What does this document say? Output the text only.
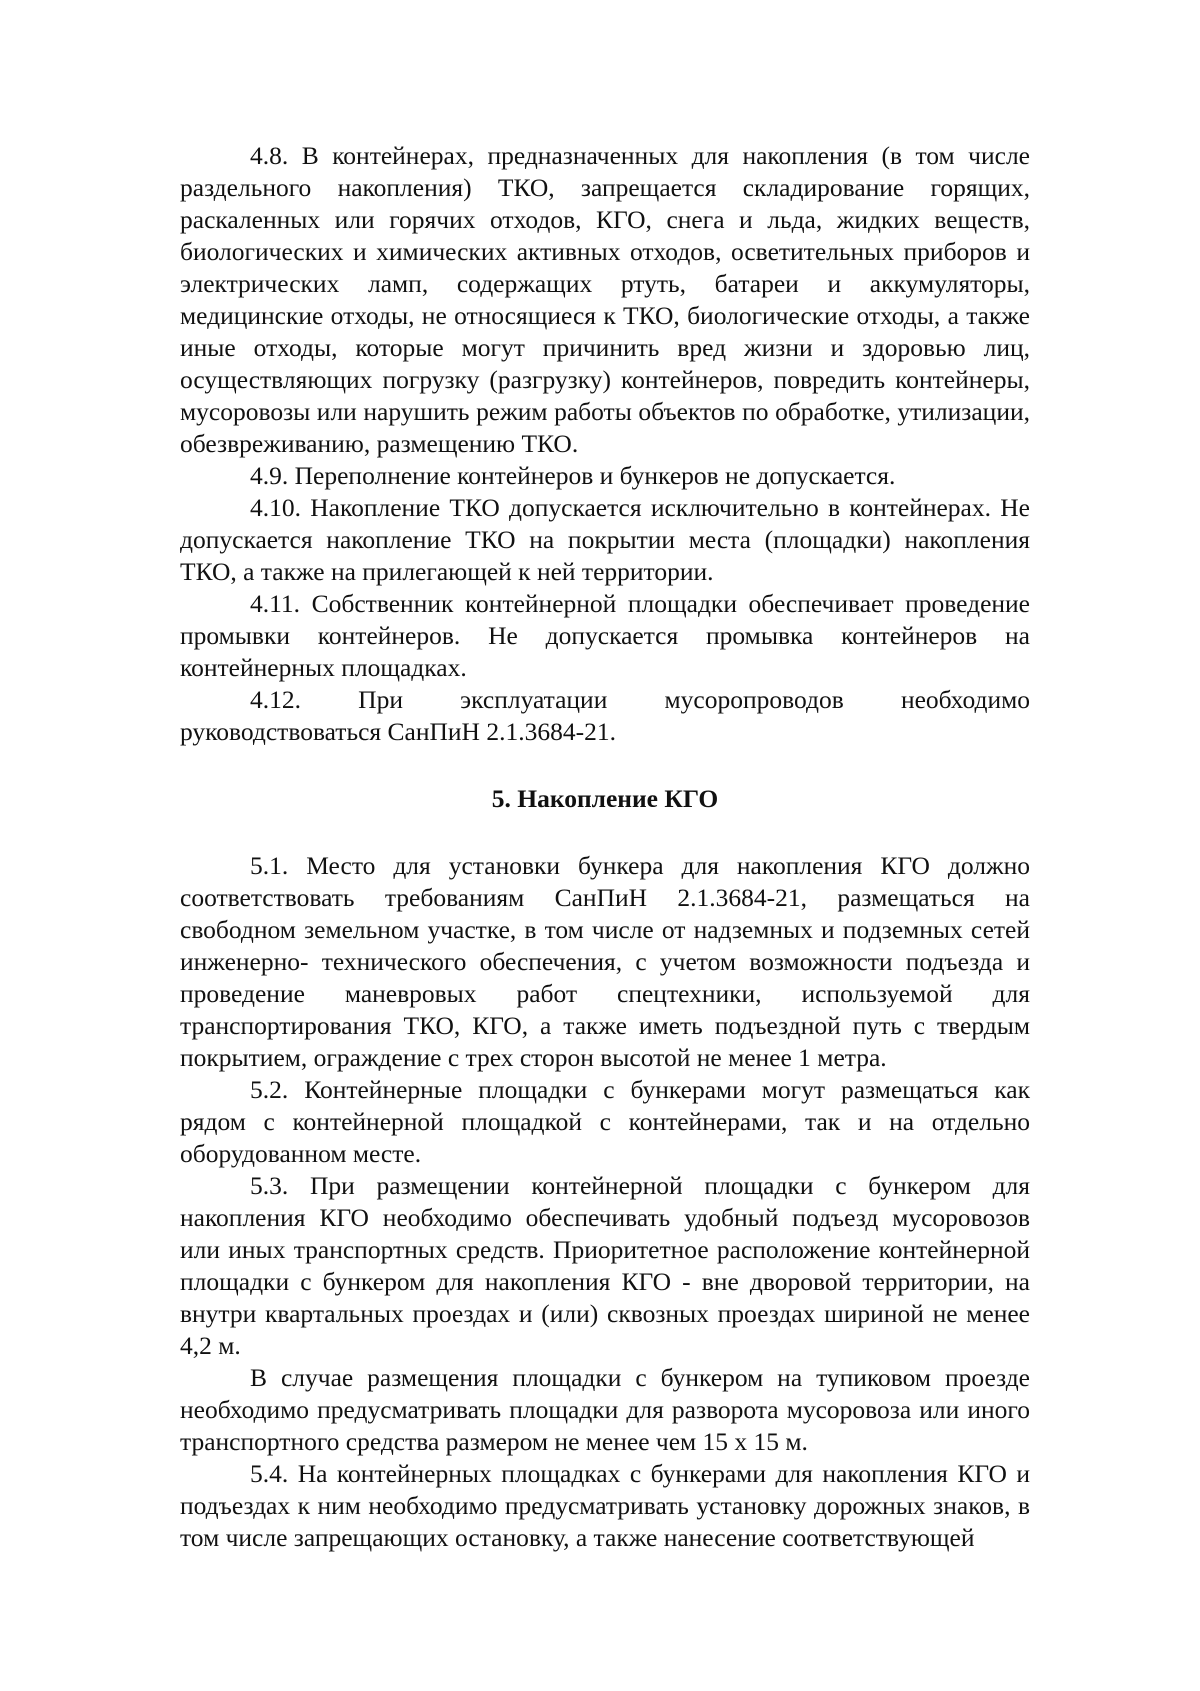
4.8. В контейнерах, предназначенных для накопления (в том числе раздельного накопления) ТКО, запрещается складирование горящих, раскаленных или горячих отходов, КГО, снега и льда, жидких веществ, биологических и химических активных отходов, осветительных приборов и электрических ламп, содержащих ртуть, батареи и аккумуляторы, медицинские отходы, не относящиеся к ТКО, биологические отходы, а также иные отходы, которые могут причинить вред жизни и здоровью лиц, осуществляющих погрузку (разгрузку) контейнеров, повредить контейнеры, мусоровозы или нарушить режим работы объектов по обработке, утилизации, обезвреживанию, размещению ТКО.

4.9. Переполнение контейнеров и бункеров не допускается.

4.10. Накопление ТКО допускается исключительно в контейнерах. Не допускается накопление ТКО на покрытии места (площадки) накопления ТКО, а также на прилегающей к ней территории.

4.11. Собственник контейнерной площадки обеспечивает проведение промывки контейнеров. Не допускается промывка контейнеров на контейнерных площадках.

4.12. При эксплуатации мусоропроводов необходимо руководствоваться СанПиН 2.1.3684-21.

5. Накопление КГО

5.1. Место для установки бункера для накопления КГО должно соответствовать требованиям СанПиН 2.1.3684-21, размещаться на свободном земельном участке, в том числе от надземных и подземных сетей инженерно- технического обеспечения, с учетом возможности подъезда и проведение маневровых работ спецтехники, используемой для транспортирования ТКО, КГО, а также иметь подъездной путь с твердым покрытием, ограждение с трех сторон высотой не менее 1 метра.

5.2. Контейнерные площадки с бункерами могут размещаться как рядом с контейнерной площадкой с контейнерами, так и на отдельно оборудованном месте.

5.3. При размещении контейнерной площадки с бункером для накопления КГО необходимо обеспечивать удобный подъезд мусоровозов или иных транспортных средств. Приоритетное расположение контейнерной площадки с бункером для накопления КГО - вне дворовой территории, на внутри квартальных проездах и (или) сквозных проездах шириной не менее 4,2 м.

В случае размещения площадки с бункером на тупиковом проезде необходимо предусматривать площадки для разворота мусоровоза или иного транспортного средства размером не менее чем 15 х 15 м.

5.4. На контейнерных площадках с бункерами для накопления КГО и подъездах к ним необходимо предусматривать установку дорожных знаков, в том числе запрещающих остановку, а также нанесение соответствующей
